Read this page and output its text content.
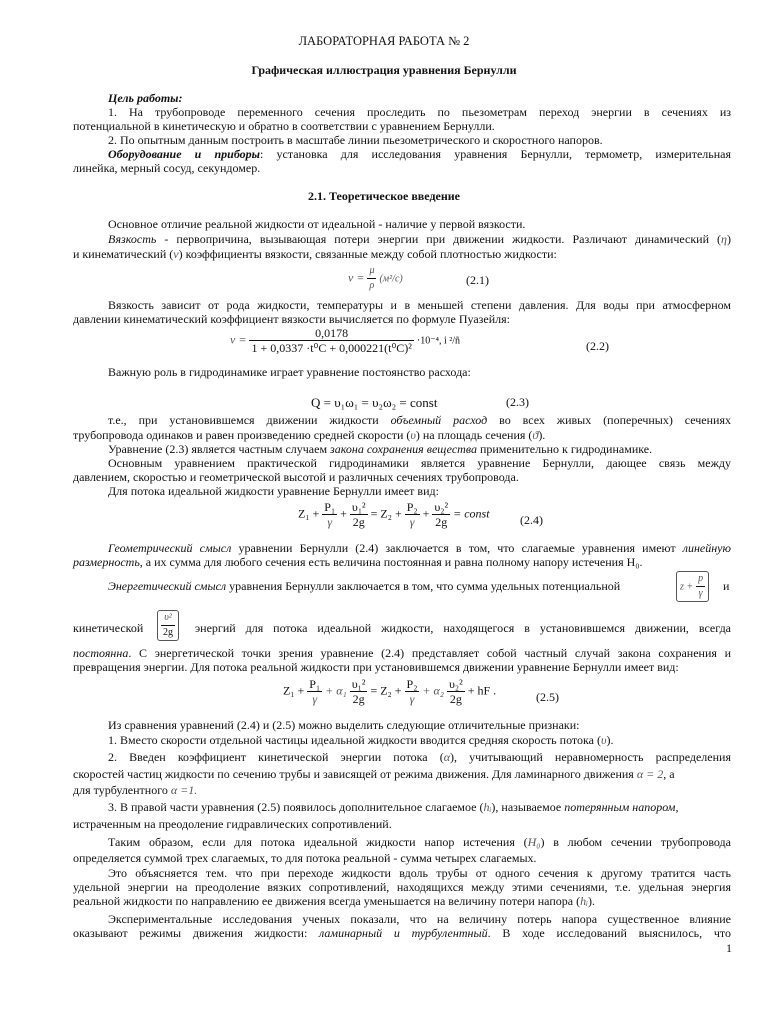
ЛАБОРАТОРНАЯ РАБОТА № 2
Графическая иллюстрация уравнения Бернулли
Цель работы:
1. На трубопроводе переменного сечения проследить по пьезометрам переход энергии в сечениях из
потенциальной в кинетическую и обратно в соответствии с уравнением Бернулли.
2. По опытным данным построить в масштабе линии пьезометрического и скоростного напоров.
Оборудование и приборы: установка для исследования уравнения Бернулли, термометр, измерительная
линейка, мерный сосуд, секундомер.
2.1. Теоретическое введение
Основное отличие реальной жидкости от идеальной - наличие у первой вязкости.
Вязкость - первопричина, вызывающая потери энергии при движении жидкости. Различают динамический (η)
и кинематический (ν) коэффициенты вязкости, связанные между собой плотностью жидкости:
$\nu = \frac{\mu}{\rho} (м^2/с)$	(2.1)
Вязкость зависит от рода жидкости, температуры и в меньшей степени давления. Для воды при атмосферном
давлении кинематический коэффициент вязкости вычисляется по формуле Пуазейля:
$\nu = \frac{0,0178}{\text{1 + 0,0337 ·t⁰C + 0,000221(t⁰C)²}} \cdot 10^{-4}$, і ²/ñ	(2.2)
Важную роль в гидродинамике играет уравнение постоянство расхода:
Q = υ₁ω₁ = υ₂ω₂ = const	(2.3)
т.е., при установившемся движении жидкости объемный расход во всех живых (поперечных) сечениях
трубопровода одинаков и равен произведению средней скорости (υ) на площадь сечения (ϑ).
Уравнение (2.3) является частным случаем закона сохранения вещества применительно к гидродинамике.
Основным уравнением практической гидродинамики является уравнение Бернулли, дающее связь между
давлением, скоростью и геометрической высотой и различных сечениях трубопровода.
Для потока идеальной жидкости уравнение Бернулли имеет вид:
$Z_1 + \frac{\text{P₁}}{\gamma} + \frac{\text{υ₁²}}{2g} = Z_2 + \frac{\text{P₂}}{\gamma} + \frac{\text{υ₂²}}{2g}$ = const	(2.4)
Геометрический смысл уравнении Бернулли (2.4) заключается в том, что слагаемые уравнения имеют линейную
размерность, а их сумма для любого сечения есть величина постоянная и равна полному напору истечения H₀.
Энергетический смысл уравнения Бернулли заключается в том, что сумма удельных потенциальной	$z + \frac{p}{\gamma}$ и
кинетической	$\frac{\text{υ²}}{2g}$ энергий для потока идеальной жидкости, находящегося в установившемся движении, всегда
постоянна. С энергетической точки зрения уравнение (2.4) представляет собой частный случай закона сохранения и
превращения энергии. Для потока реальной жидкости при установившемся движении уравнение Бернулли имеет вид:
$Z_1 + \frac{\text{P₁}}{\gamma} + \alpha_1 \frac{\text{υ₁²}}{2g} = Z_2 + \frac{\text{P₂}}{\gamma} + \alpha_2 \frac{\text{υ₂²}}{2g}$ + hF .	(2.5)
Из сравнения уравнений (2.4) и (2.5) можно выделить следующие отличительные признаки:
1. Вместо скорости отдельной частицы идеальной жидкости вводится средняя скорость потока (υ).
2. Введен коэффициент кинетической энергии потока (α), учитывающий неравномерность распределения
скоростей частиц жидкости по сечению трубы и зависящей от режима движения. Для ламинарного движения α = 2, а
для турбулентного α =1.
3. В правой части уравнения (2.5) появилось дополнительное слагаемое (hᵢ), называемое потерянным напором,
истраченным на преодоление гидравлических сопротивлений.
Таким образом, если для потока идеальной жидкости напор истечения (H₀) в любом сечении трубопровода
определяется суммой трех слагаемых, то для потока реальной - сумма четырех слагаемых.
Это объясняется тем. что при переходе жидкости вдоль трубы от одного сечения к другому тратится часть
удельной энергии на преодоление вязких сопротивлений, находящихся между этими сечениями, т.е. удельная энергия
реальной жидкости по направлению ее движения всегда уменьшается на величину потери напора (hᵢ).
Экспериментальные исследования ученых показали, что на величину потерь напора существенное влияние
оказывают режимы движения жидкости: ламинарный и турбулентный. В ходе исследований выяснилось, что
1
